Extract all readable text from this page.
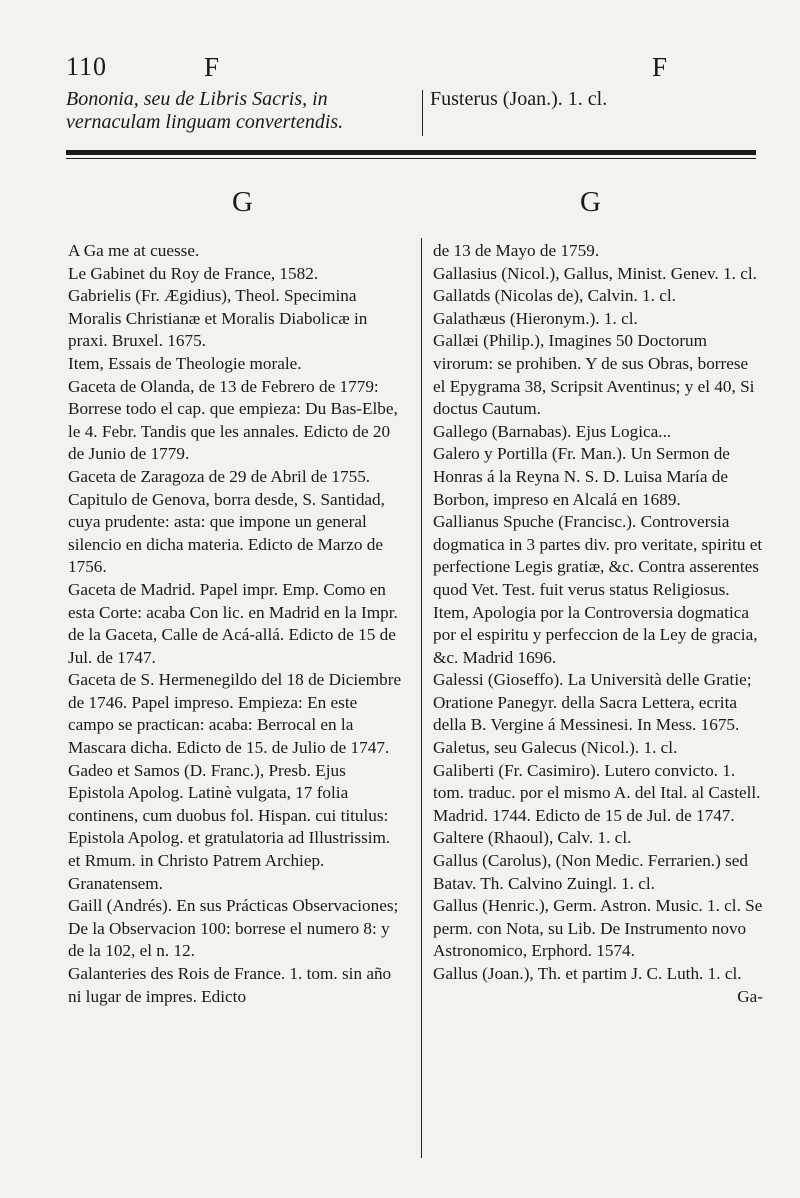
110	F	F
Bononia, seu de Libris Sacris, in vernaculam linguam convertendis.
Fusterus (Joan.). 1. cl.
G	G

A Ga me at cuesse.

Le Gabinet du Roy de France, 1582.

Gabrielis (Fr. Ægidius), Theol. Specimina Moralis Christianæ et Moralis Diabolicæ in praxi. Bruxel. 1675.

Item, Essais de Theologie morale.

Gaceta de Olanda, de 13 de Febrero de 1779: Borrese todo el cap. que empieza: Du Bas-Elbe, le 4. Febr. Tandis que les annales. Edicto de 20 de Junio de 1779.

Gaceta de Zaragoza de 29 de Abril de 1755. Capitulo de Genova, borra desde, S. Santidad, cuya prudente: asta: que impone un general silencio en dicha materia. Edicto de Marzo de 1756.

Gaceta de Madrid. Papel impr. Emp. Como en esta Corte: acaba Con lic. en Madrid en la Impr. de la Gaceta, Calle de Acá-allá. Edicto de 15 de Jul. de 1747.

Gaceta de S. Hermenegildo del 18 de Diciembre de 1746. Papel impreso. Empieza: En este campo se practican: acaba: Berrocal en la Mascara dicha. Edicto de 15. de Julio de 1747.

Gadeo et Samos (D. Franc.), Presb. Ejus Epistola Apolog. Latinè vulgata, 17 folia continens, cum duobus fol. Hispan. cui titulus: Epistola Apolog. et gratulatoria ad Illustrissim. et Rmum. in Christo Patrem Archiep. Granatensem.

Gaill (Andrés). En sus Prácticas Observaciones; De la Observacion 100: borrese el numero 8: y de la 102, el n. 12.

Galanteries des Rois de France. 1. tom. sin año ni lugar de impres. Edicto

de 13 de Mayo de 1759.

Gallasius (Nicol.), Gallus, Minist. Genev. 1. cl.

Gallatds (Nicolas de), Calvin. 1. cl.

Galathæus (Hieronym.). 1. cl.

Gallæi (Philip.), Imagines 50 Doctorum virorum: se prohiben. Y de sus Obras, borrese el Epygrama 38, Scripsit Aventinus; y el 40, Si doctus Cautum.

Gallego (Barnabas). Ejus Logica...

Galero y Portilla (Fr. Man.). Un Sermon de Honras á la Reyna N. S. D. Luisa María de Borbon, impreso en Alcalá en 1689.

Gallianus Spuche (Francisc.). Controversia dogmatica in 3 partes div. pro veritate, spiritu et perfectione Legis gratiæ, &c. Contra asserentes quod Vet. Test. fuit verus status Religiosus. Item, Apologia por la Controversia dogmatica por el espiritu y perfeccion de la Ley de gracia, &c. Madrid 1696.

Galessi (Gioseffo). La Università delle Gratie; Oratione Panegyr. della Sacra Lettera, ecrita della B. Vergine á Messinesi. In Mess. 1675.

Galetus, seu Galecus (Nicol.). 1. cl.

Galiberti (Fr. Casimiro). Lutero convicto. 1. tom. traduc. por el mismo A. del Ital. al Castell. Madrid. 1744. Edicto de 15 de Jul. de 1747.

Galtere (Rhaoul), Calv. 1. cl.

Gallus (Carolus), (Non Medic. Ferrarien.) sed Batav. Th. Calvino Zuingl. 1. cl.

Gallus (Henric.), Germ. Astron. Music. 1. cl. Se perm. con Nota, su Lib. De Instrumento novo Astronomico, Erphord. 1574.

Gallus (Joan.), Th. et partim J. C. Luth. 1. cl.

Ga-
